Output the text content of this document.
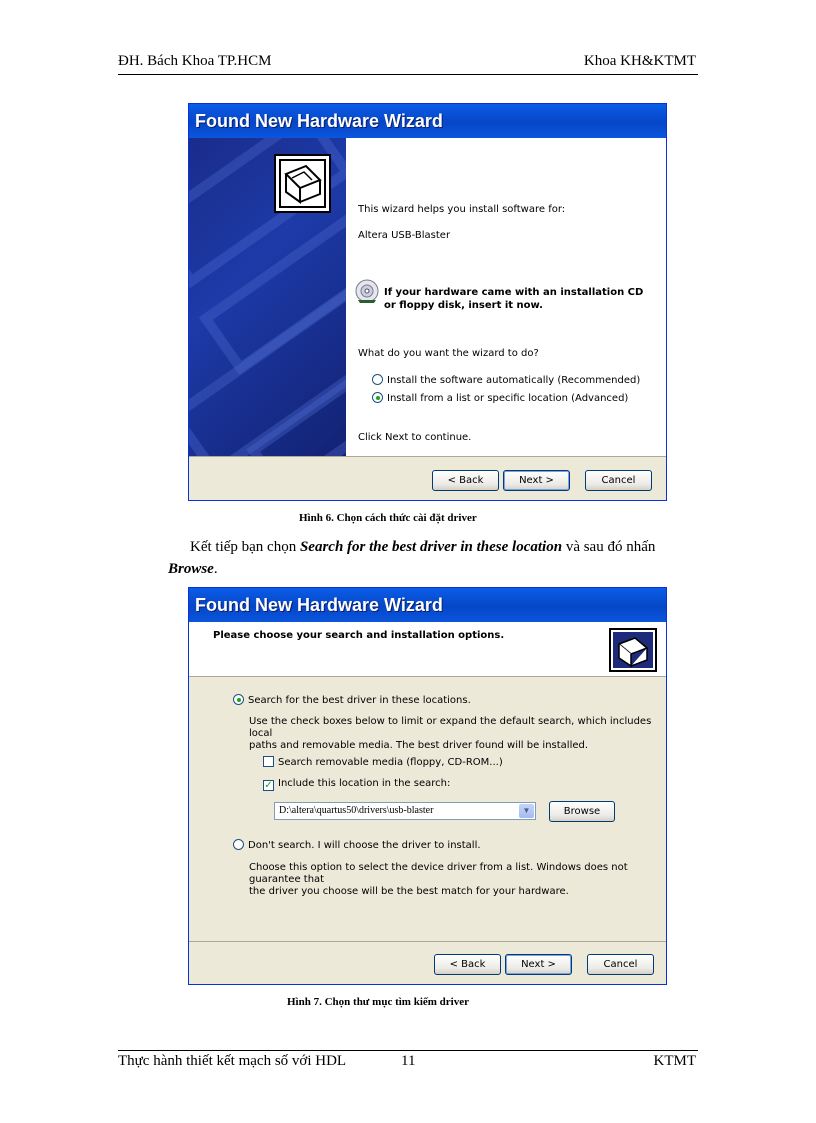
ĐH. Bách Khoa TP.HCM	Khoa KH&KTMT
Found New Hardware Wizard
This wizard helps you install software for:
Altera USB-Blaster
If your hardware came with an installation CD
or floppy disk, insert it now.
What do you want the wizard to do?
Install the software automatically (Recommended)
Install from a list or specific location (Advanced)
Click Next to continue.
< Back	Next >	Cancel
Hình 6. Chọn cách thức cài đặt driver
Kết tiếp bạn chọn Search for the best driver in these location và sau đó nhấn Browse.
Found New Hardware Wizard
Please choose your search and installation options.
Search for the best driver in these locations.
Use the check boxes below to limit or expand the default search, which includes local
paths and removable media. The best driver found will be installed.
Search removable media (floppy, CD-ROM...)
✓ Include this location in the search:
Browse
Don't search. I will choose the driver to install.
Choose this option to select the device driver from a list. Windows does not guarantee that
the driver you choose will be the best match for your hardware.
< Back	Next >	Cancel
D:\altera\quartus50\drivers\usb-blaster	▼
Hình 7. Chọn thư mục tìm kiếm driver
Thực hành thiết kết mạch số với HDL	11	KTMT
